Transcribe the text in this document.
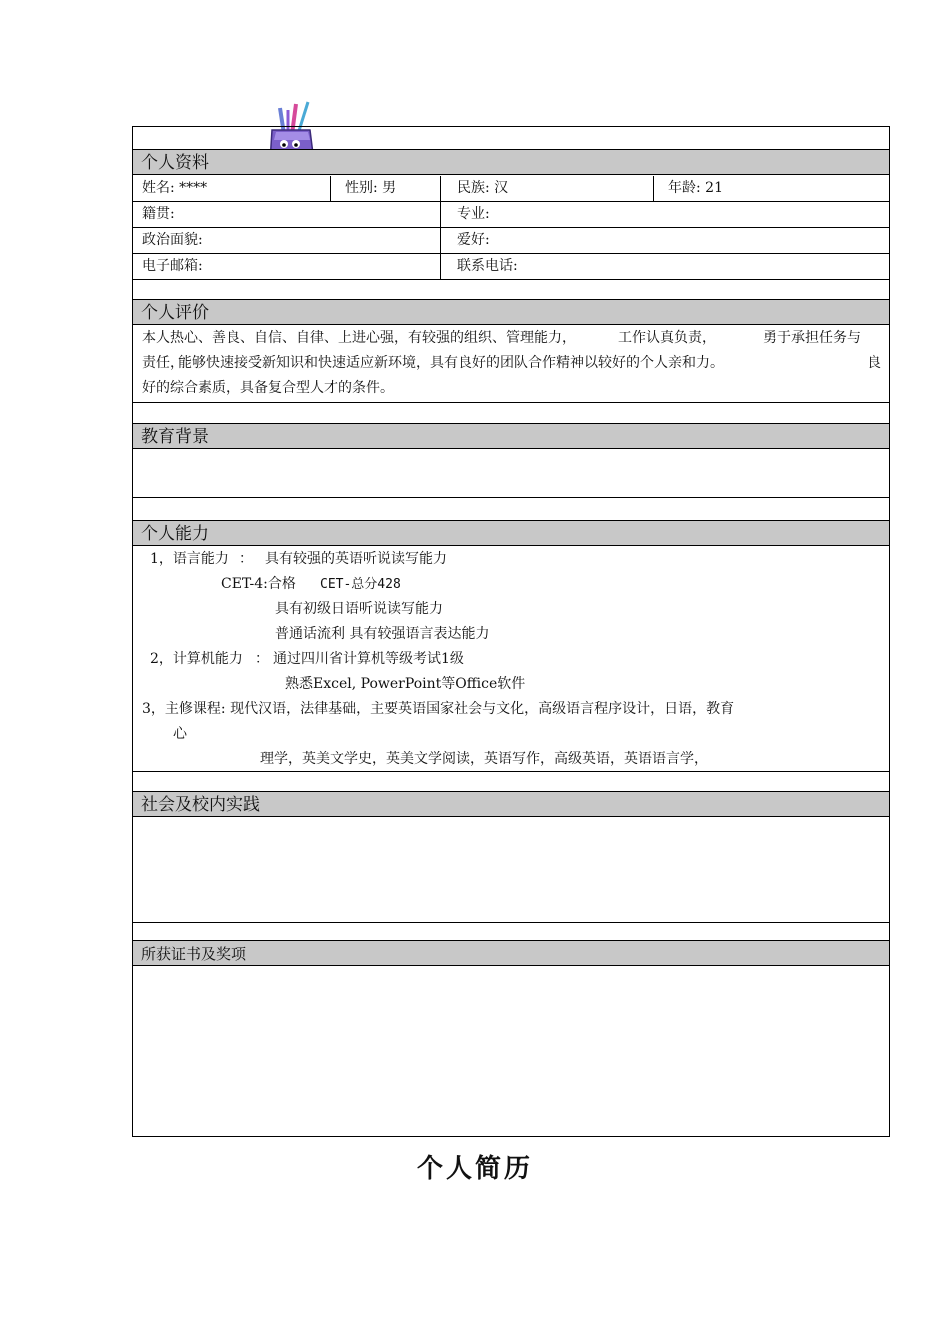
个人资料
姓名: ****	性别: 男	民族: 汉	年龄: 21
籍贯:	专业:
政治面貌:	爱好:
电子邮箱:	联系电话:
个人评价
本人热心、善良、自信、自律、上进心强，有较强的组织、管理能力，	工作认真负责，	勇于承担任务与
责任，
能够快速接受新知识和快速适应新环境，具有良好的团队合作精神以较好的个人亲和力。	良
好的综合素质，具备复合型人才的条件。
教育背景
个人能力
1，语言能力 ： 具有较强的英语听说读写能力
CET-4:合格 CET-总分428
具有初级日语听说读写能力
普通话流利 具有较强语言表达能力
2，计算机能力 ： 通过四川省计算机等级考试1级
熟悉Excel, PowerPoint等Office软件
3，主修课程: 现代汉语，法律基础，主要英语国家社会与文化，高级语言程序设计，日语，教育
心
理学，英美文学史，英美文学阅读，英语写作，高级英语，英语语言学，
社会及校内实践
所获证书及奖项
个人简历
